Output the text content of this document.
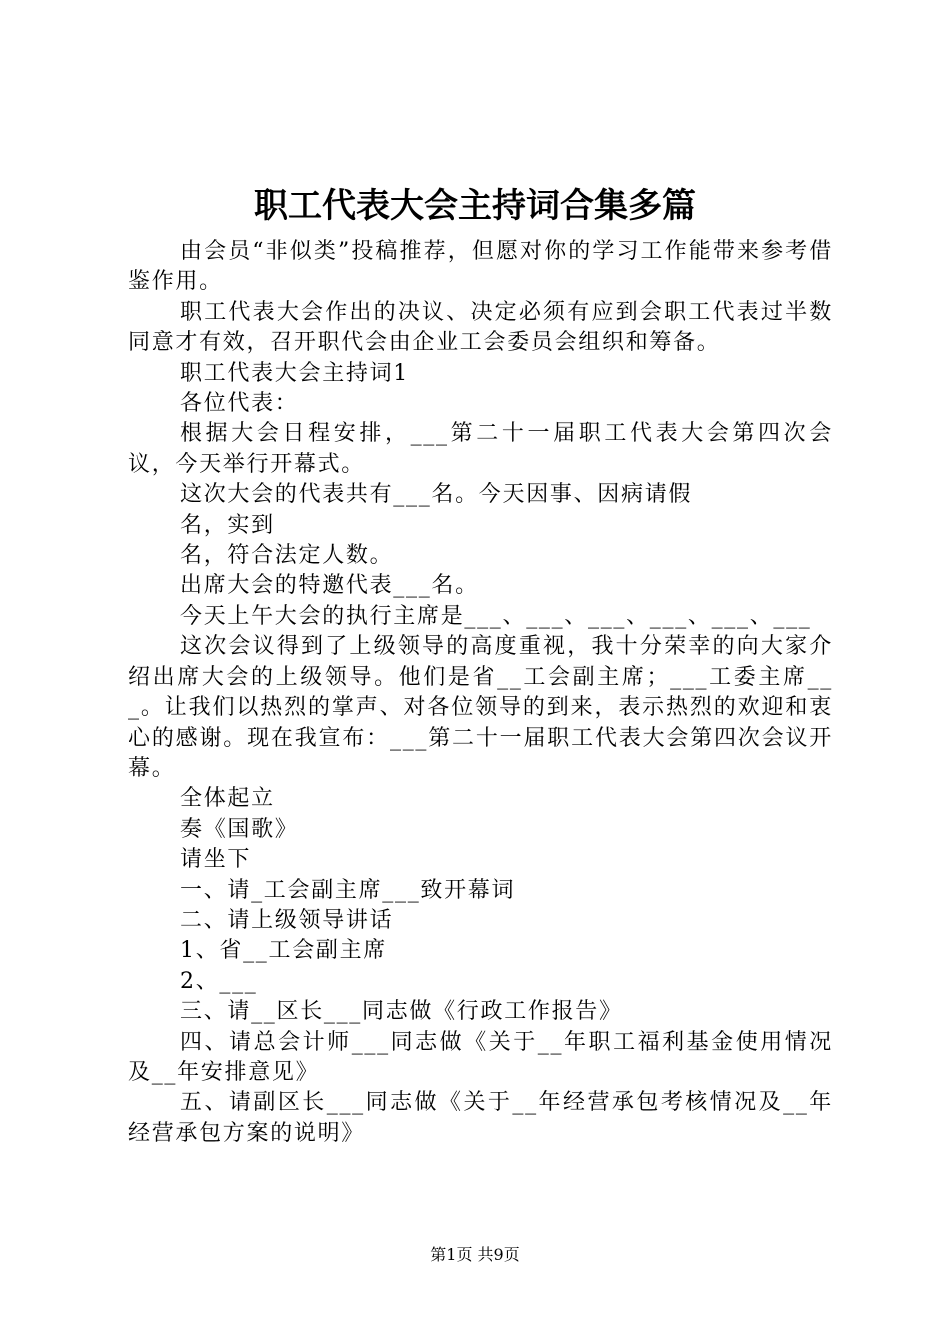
职工代表大会主持词合集多篇

由会员“非似类”投稿推荐，但愿对你的学习工作能带来参考借鉴作用。

职工代表大会作出的决议、决定必须有应到会职工代表过半数同意才有效，召开职代会由企业工会委员会组织和筹备。

职工代表大会主持词1

各位代表：

根据大会日程安排，___第二十一届职工代表大会第四次会议，今天举行开幕式。

这次大会的代表共有___名。今天因事、因病请假

名，实到

名，符合法定人数。

出席大会的特邀代表___名。

今天上午大会的执行主席是___、___、___、___、___、___

这次会议得到了上级领导的高度重视，我十分荣幸的向大家介绍出席大会的上级领导。他们是省__工会副主席；___工委主席___。让我们以热烈的掌声、对各位领导的到来，表示热烈的欢迎和衷心的感谢。现在我宣布：___第二十一届职工代表大会第四次会议开幕。

全体起立

奏《国歌》

请坐下

一、请_工会副主席___致开幕词

二、请上级领导讲话

1、省__工会副主席

2、___

三、请__区长___同志做《行政工作报告》

四、请总会计师___同志做《关于__年职工福利基金使用情况及__年安排意见》

五、请副区长___同志做《关于__年经营承包考核情况及__年经营承包方案的说明》

第1页 共9页
